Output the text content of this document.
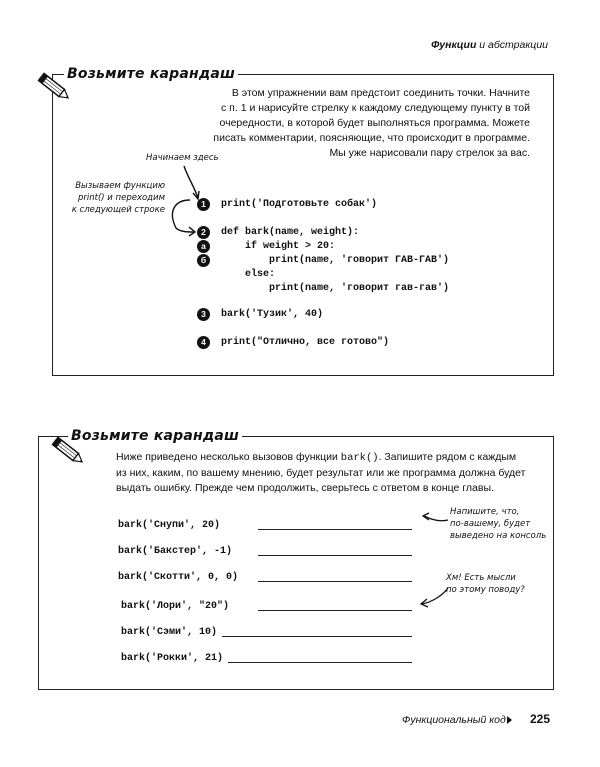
Функции и абстракции
Возьмите карандаш
В этом упражнении вам предстоит соединить точки. Начните
с п. 1 и нарисуйте стрелку к каждому следующему пункту в той
очередности, в которой будет выполняться программа. Можете
писать комментарии, поясняющие, что происходит в программе.
Мы уже нарисовали пару стрелок за вас.
Начинаем здесь
Вызываем функцию
print() и переходим
к следующей строке
1	print('Подготовьте собак')
2	def bark(name, weight):
а	if weight > 20:
б	print(name, 'говорит ГАВ-ГАВ')
else:
print(name, 'говорит гав-гав')
3	bark('Тузик', 40)
4	print("Отлично, все готово")
Возьмите карандаш
Ниже приведено несколько вызовов функции bark(). Запишите рядом с каждым
из них, каким, по вашему мнению, будет результат или же программа должна будет
выдать ошибку. Прежде чем продолжить, сверьтесь с ответом в конце главы.
bark('Снупи', 20)
bark('Бакстер', -1)
bark('Скотти', 0, 0)
bark('Лори', "20")
bark('Сэми', 10)
bark('Рокки', 21)
Напишите, что,
по-вашему, будет
выведено на консоль
Хм! Есть мысли
по этому поводу?
Функциональный код 225
